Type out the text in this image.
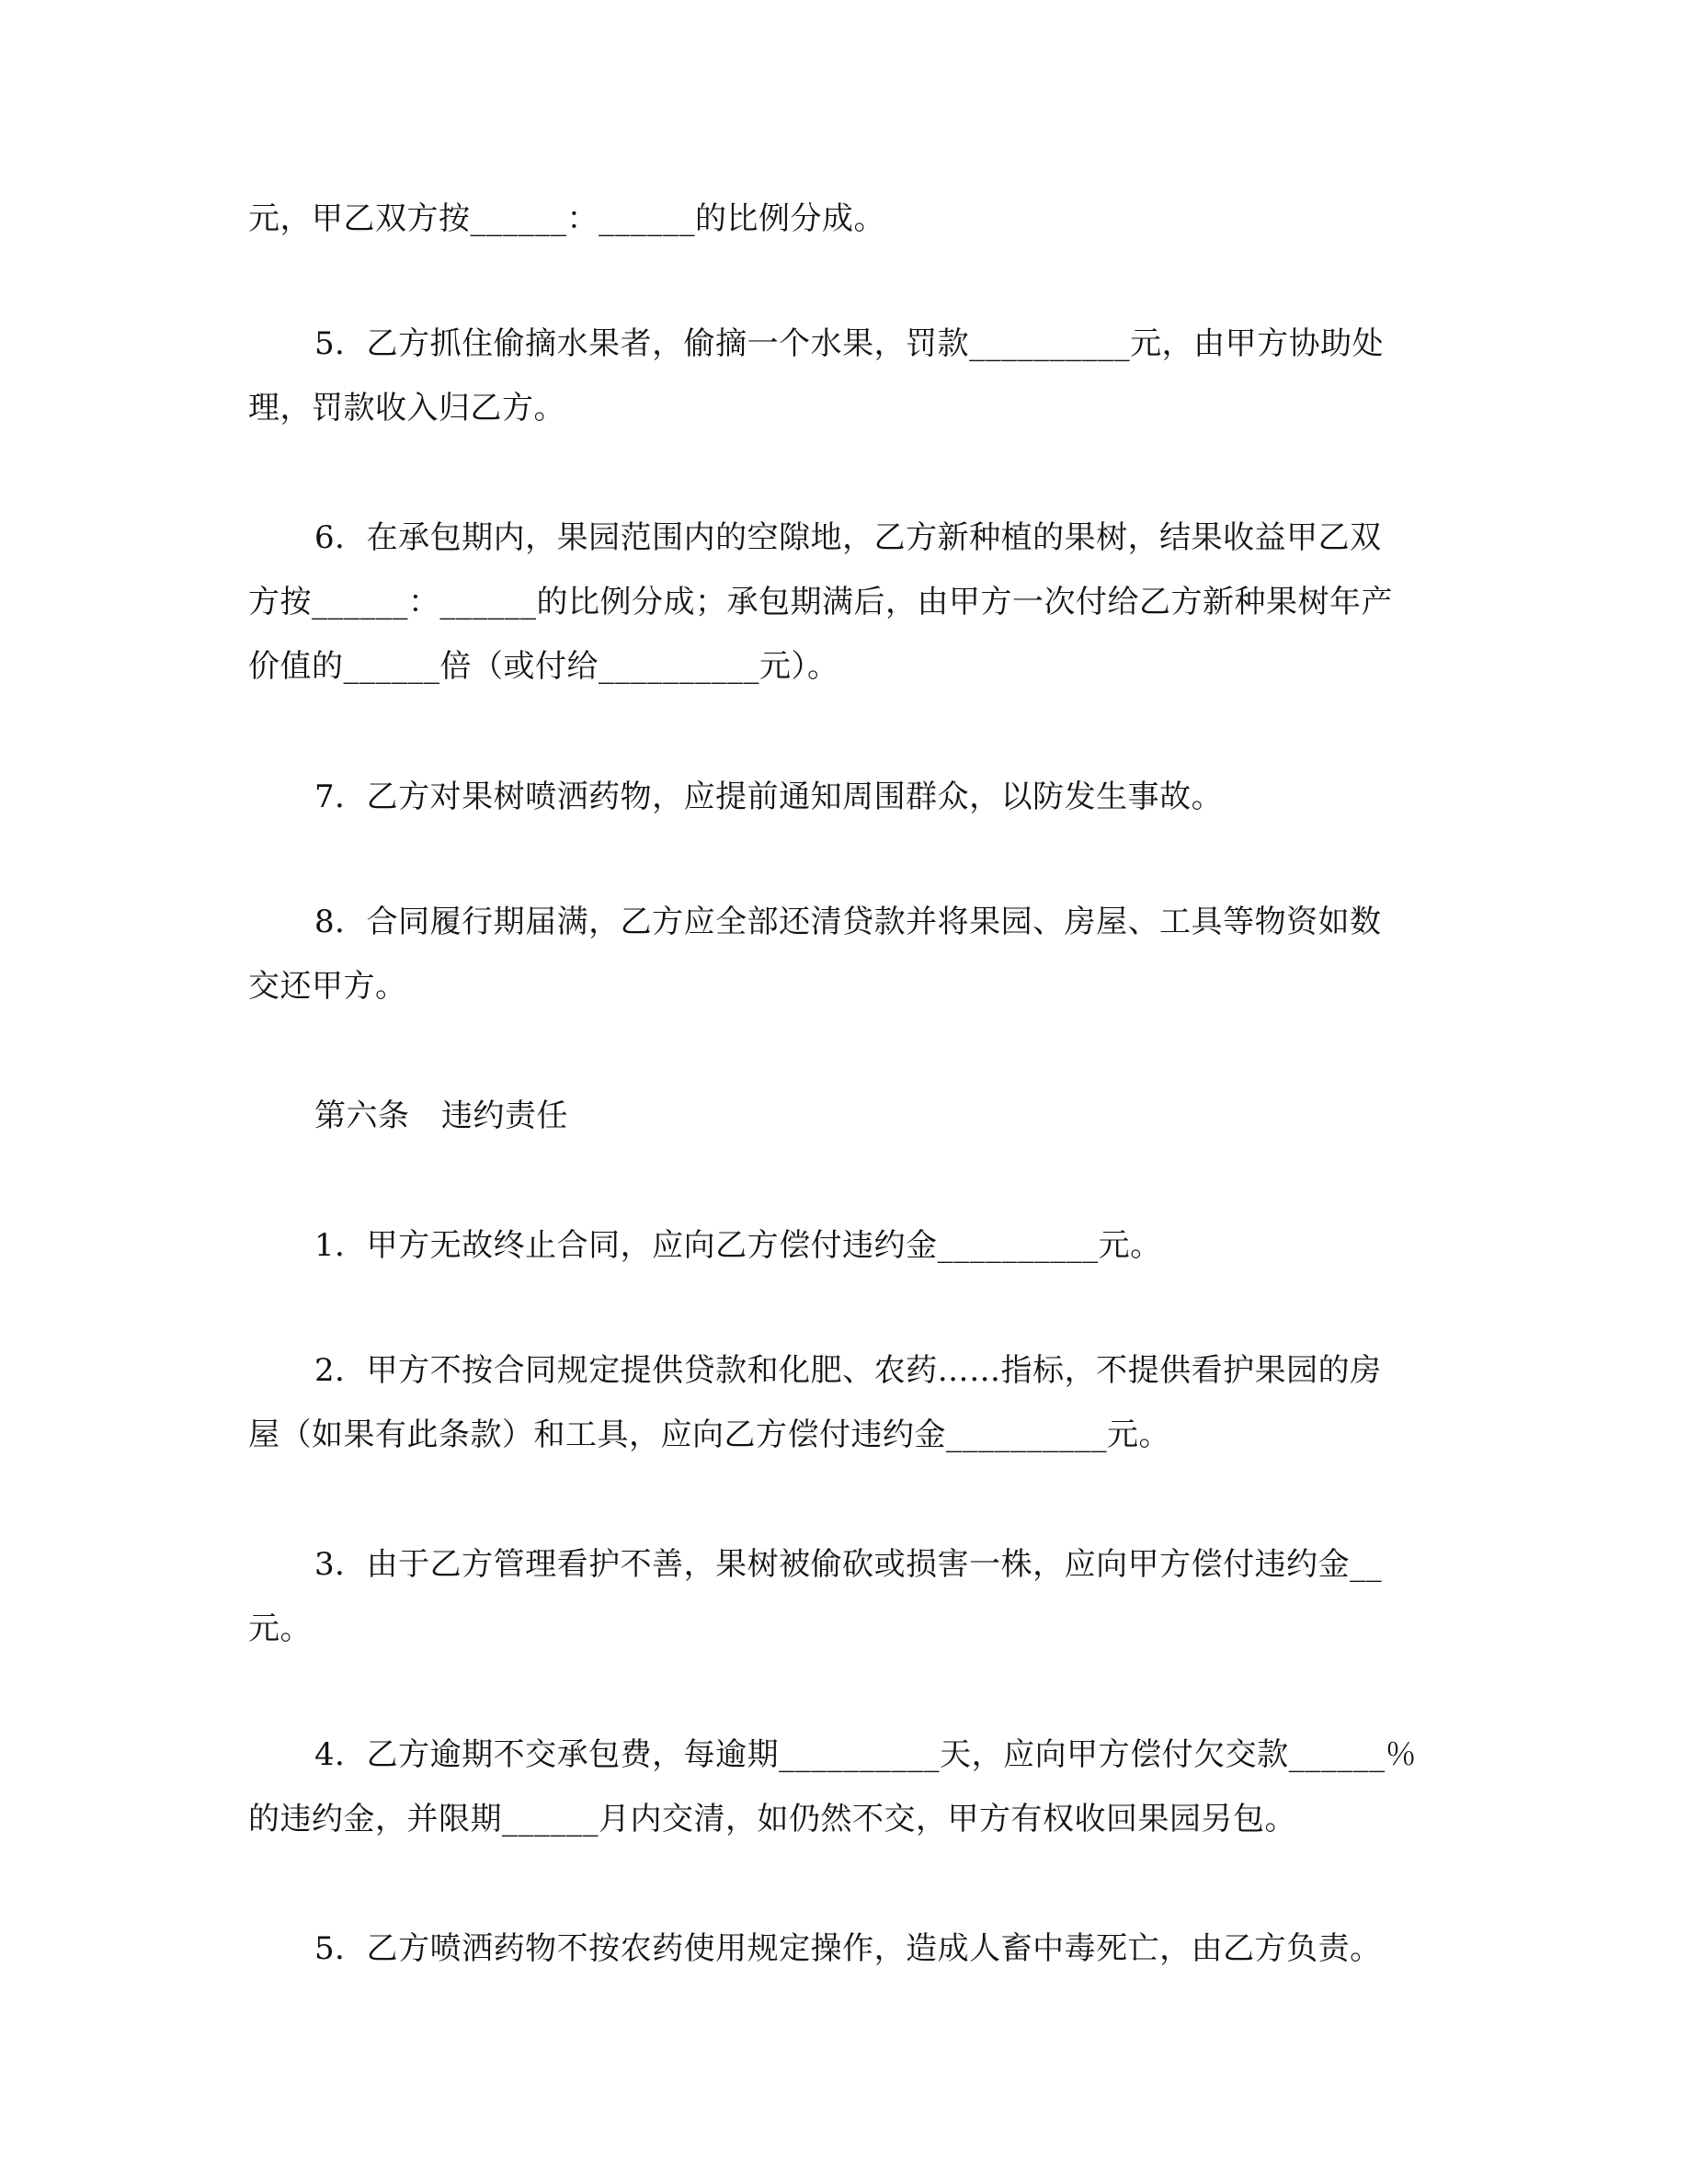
元，甲乙双方按______：______的比例分成。
5．乙方抓住偷摘水果者，偷摘一个水果，罚款__________元，由甲方协助处
理，罚款收入归乙方。
6．在承包期内，果园范围内的空隙地，乙方新种植的果树，结果收益甲乙双
方按______：______的比例分成；承包期满后，由甲方一次付给乙方新种果树年产
价值的______倍（或付给__________元）。
7．乙方对果树喷洒药物，应提前通知周围群众，以防发生事故。
8．合同履行期届满，乙方应全部还清贷款并将果园、房屋、工具等物资如数
交还甲方。
第六条　违约责任
1．甲方无故终止合同，应向乙方偿付违约金__________元。
2．甲方不按合同规定提供贷款和化肥、农药……指标，不提供看护果园的房
屋（如果有此条款）和工具，应向乙方偿付违约金__________元。
3．由于乙方管理看护不善，果树被偷砍或损害一株，应向甲方偿付违约金__
元。
4．乙方逾期不交承包费，每逾期__________天，应向甲方偿付欠交款______％
的违约金，并限期______月内交清，如仍然不交，甲方有权收回果园另包。
5．乙方喷洒药物不按农药使用规定操作，造成人畜中毒死亡，由乙方负责。
